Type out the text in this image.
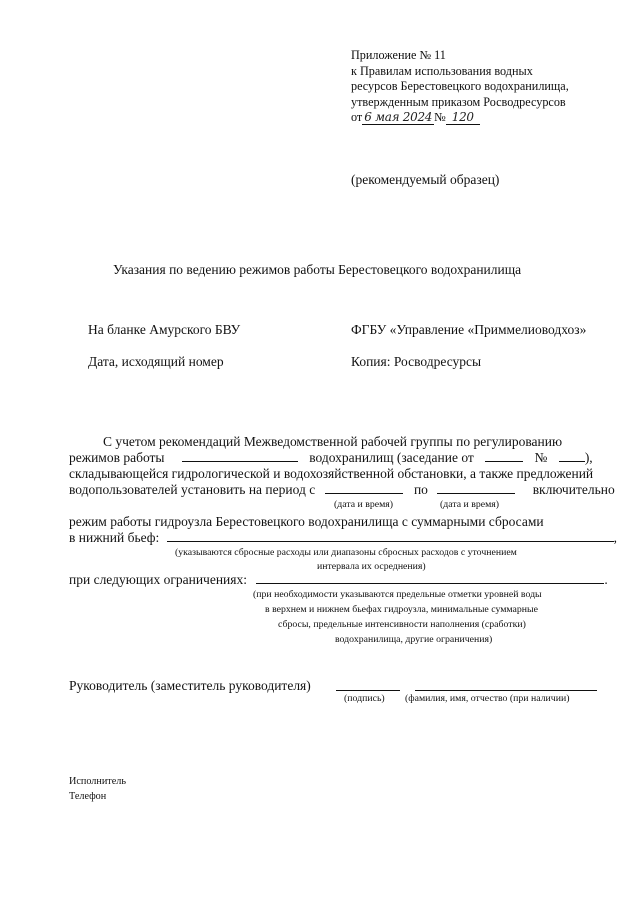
Приложение № 11
к Правилам использования водных
ресурсов Берестовецкого водохранилища,
утвержденным приказом Росводресурсов
от 6 мая 2024 № 120
(рекомендуемый образец)
Указания по ведению режимов работы Берестовецкого водохранилища
На бланке Амурского БВУ	ФГБУ «Управление «Приммелиоводхоз»
Дата, исходящий номер	Копия: Росводресурсы
С учетом рекомендаций Межведомственной рабочей группы по регулированию
режимов работы	водохранилищ (заседание от	№	),
складывающейся гидрологической и водохозяйственной обстановки, а также предложений
водопользователей установить на период с	по	включительно
(дата и время)	(дата и время)
режим работы гидроузла Берестовецкого водохранилища с суммарными сбросами
в нижний бьеф:	,
(указываются сбросные расходы или диапазоны сбросных расходов с уточнением
интервала их осреднения)
при следующих ограничениях:	.
(при необходимости указываются предельные отметки уровней воды
в верхнем и нижнем бьефах гидроузла, минимальные суммарные
сбросы, предельные интенсивности наполнения (сработки)
водохранилища, другие ограничения)
Руководитель (заместитель руководителя)
(подпись) (фамилия, имя, отчество (при наличии)
Исполнитель
Телефон
